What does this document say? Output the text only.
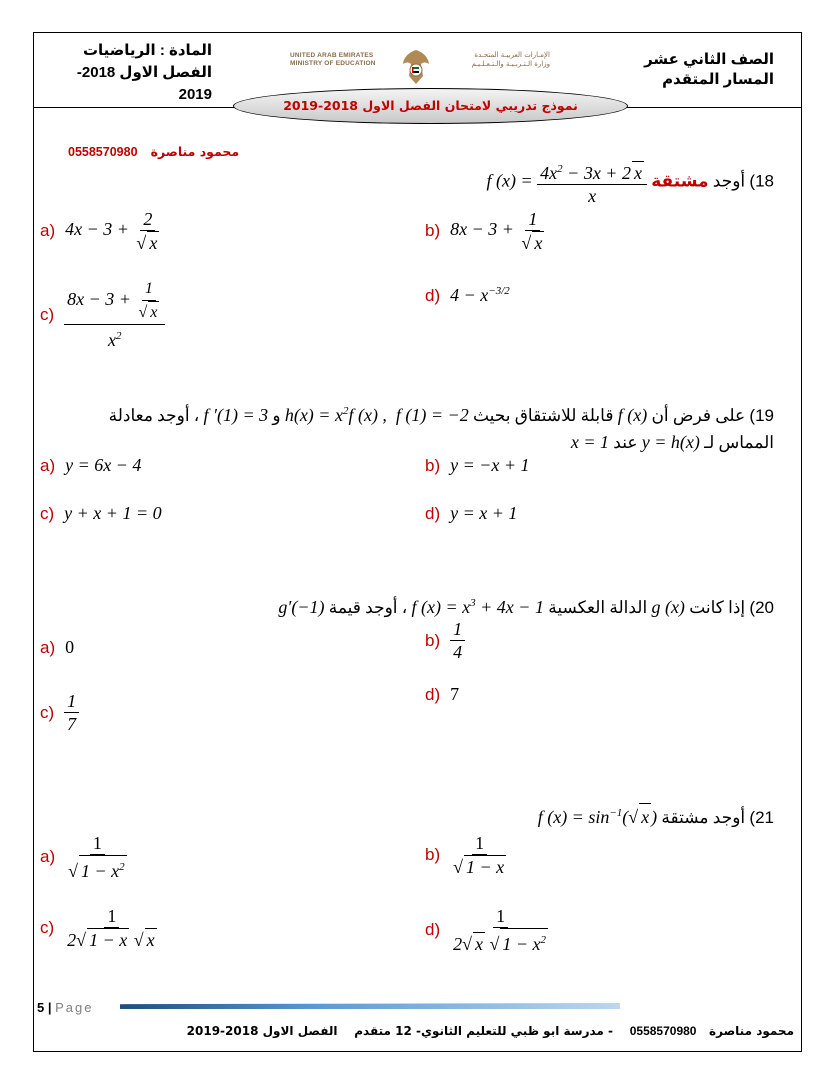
الصف الثاني عشر
المسار المتقدم
المادة : الرياضيات
الفصل الاول 2018-2019
UNITED ARAB EMIRATES
MINISTRY OF EDUCATION
الإمـارات العربيـة المتحـدة
وزارة الـتـربـيـة والـتـعـلـيـم
نموذج تدريبي لامتحان الفصل الاول 2018-2019
محمود مناصرة   0558570980
18) أوجد مشتقة f $(x) = \frac{4x^2 - 3x + 2 x}{x}$
a) $4x - 3 + \frac{2}{√ x}$	b) $8x - 3 + \frac{1}{√ x}$
$c) \frac{8x - 3 + \frac{1}{√ x}}{x^2}$	d) $4 - x^{-3/2}$
19) على فرض أن f (x) قابلة للاشتقاق بحيث $h(x) = x^2f$ (x) ,  f (1) = −2 و f ′(1) = 3 ، أوجد معادلة
المماس لـ y = h(x) عند x = 1
a) y = 6x − 4	b) y = −x + 1
c) y + x + 1 = 0	d) y = x + 1
20) إذا كانت g (x) الدالة العكسية f $(x) = x^3 + 4x - 1$ ، أوجد قيمة g′(−1)
a) 0	$b) \frac{1}{4}$
$c) \frac{1}{7}$	d) 7
21) أوجد مشتقة f $(x) = \sin^{-1}(√$ x )
$a) \frac{1}{√ 1 - x^2}$	$b) \frac{1}{√ 1 - x}$
$c) \frac{1}{2√ 1 - x √ x}$	$d) \frac{1}{2√ x √ 1 - x^2}$
5 | Page
محمود مناصرة   0558570980    - مدرسة ابو ظبي للتعليم الثانوي- 12 متقدم    الفصل الاول 2018-2019
